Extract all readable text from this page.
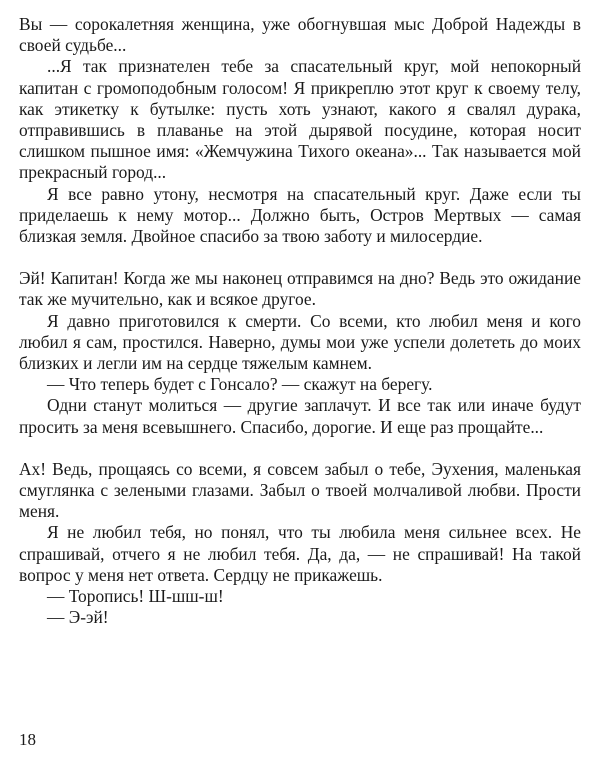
Вы — сорокалетняя женщина, уже обогнувшая мыс Доброй Надежды в своей судьбе...

...Я так признателен тебе за спасательный круг, мой непокорный капитан с громоподобным голосом! Я прикреплю этот круг к своему телу, как этикетку к бутылке: пусть хоть узнают, какого я свалял дурака, отправившись в плаванье на этой дырявой посудине, которая носит слишком пышное имя: «Жемчужина Тихого океана»... Так называется мой прекрасный город...

Я все равно утону, несмотря на спасательный круг. Даже если ты приделаешь к нему мотор... Должно быть, Остров Мертвых — самая близкая земля. Двойное спасибо за твою заботу и милосердие.

Эй! Капитан! Когда же мы наконец отправимся на дно? Ведь это ожидание так же мучительно, как и всякое другое.

Я давно приготовился к смерти. Со всеми, кто любил меня и кого любил я сам, простился. Наверно, думы мои уже успели долететь до моих близких и легли им на сердце тяжелым камнем.

— Что теперь будет с Гонсало? — скажут на берегу.

Одни станут молиться — другие заплачут. И все так или иначе будут просить за меня всевышнего. Спасибо, дорогие. И еще раз прощайте...

Ах! Ведь, прощаясь со всеми, я совсем забыл о тебе, Эухения, маленькая смуглянка с зелеными глазами. Забыл о твоей молчаливой любви. Прости меня.

Я не любил тебя, но понял, что ты любила меня сильнее всех. Не спрашивай, отчего я не любил тебя. Да, да, — не спрашивай! На такой вопрос у меня нет ответа. Сердцу не прикажешь.

— Торопись! Ш-шш-ш!

— Э-эй!

18
